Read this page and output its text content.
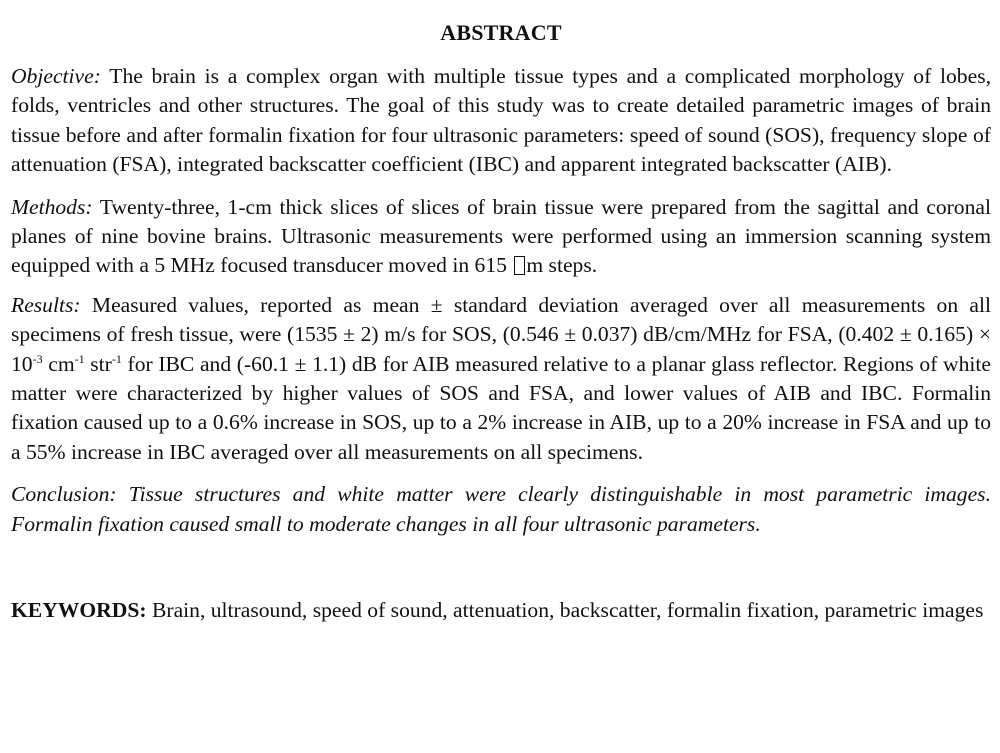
ABSTRACT

Objective: The brain is a complex organ with multiple tissue types and a complicated morphology of lobes, folds, ventricles and other structures. The goal of this study was to create detailed parametric images of brain tissue before and after formalin fixation for four ultrasonic parameters: speed of sound (SOS), frequency slope of attenuation (FSA), integrated backscatter coefficient (IBC) and apparent integrated backscatter (AIB).

Methods: Twenty-three, 1-cm thick slices of slices of brain tissue were prepared from the sagittal and coronal planes of nine bovine brains. Ultrasonic measurements were performed using an immersion scanning system equipped with a 5 MHz focused transducer moved in 615 m steps.

Results: Measured values, reported as mean ± standard deviation averaged over all measurements on all specimens of fresh tissue, were (1535 ± 2) m/s for SOS, (0.546 ± 0.037) dB/cm/MHz for FSA, $(0.402 \pm 0.165) \times 10^{-3}$ $cm^{-1}$ str$^{-1}$ for IBC and (-60.1 ± 1.1) dB for AIB measured relative to a planar glass reflector. Regions of white matter were characterized by higher values of SOS and FSA, and lower values of AIB and IBC. Formalin fixation caused up to a 0.6% increase in SOS, up to a 2% increase in AIB, up to a 20% increase in FSA and up to a 55% increase in IBC averaged over all measurements on all specimens.

Conclusion: Tissue structures and white matter were clearly distinguishable in most parametric images. Formalin fixation caused small to moderate changes in all four ultrasonic parameters.

KEYWORDS: Brain, ultrasound, speed of sound, attenuation, backscatter, formalin fixation, parametric images
